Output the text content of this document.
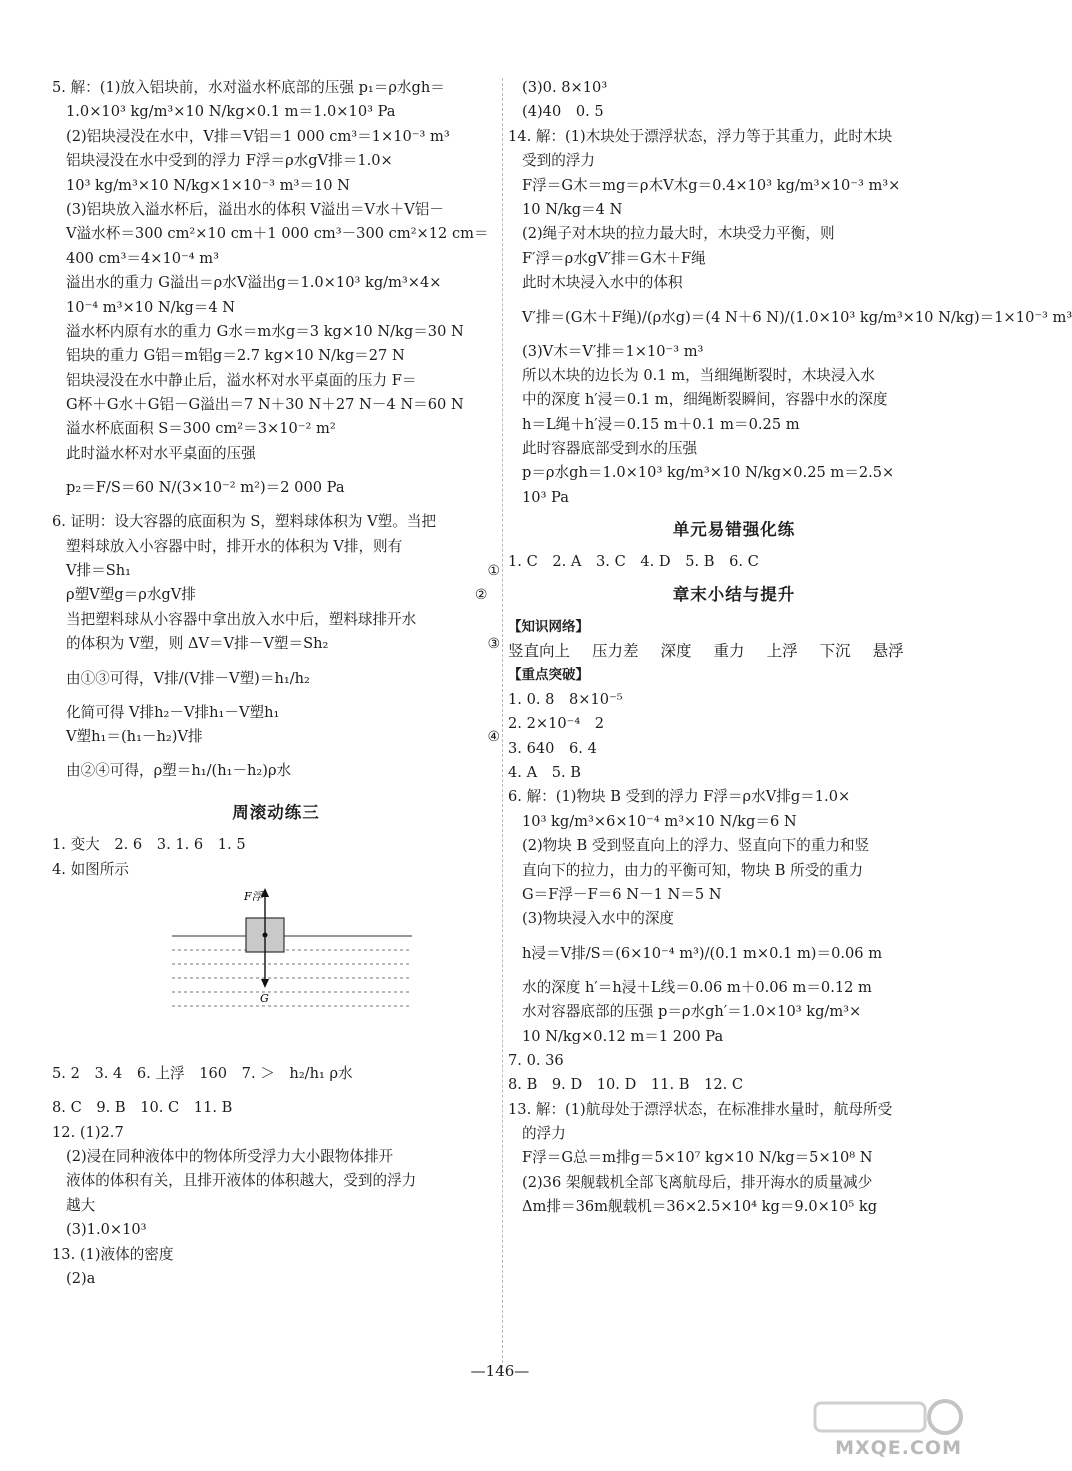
5. 解：(1)放入铝块前，水对溢水杯底部的压强 p₁＝ρ水gh＝
1.0×10³ kg/m³×10 N/kg×0.1 m＝1.0×10³ Pa
(2)铝块浸没在水中，V排＝V铝＝1 000 cm³＝1×10⁻³ m³
铝块浸没在水中受到的浮力 F浮＝ρ水gV排＝1.0×
10³ kg/m³×10 N/kg×1×10⁻³ m³＝10 N
(3)铝块放入溢水杯后，溢出水的体积 V溢出＝V水＋V铝－
V溢水杯＝300 cm²×10 cm＋1 000 cm³－300 cm²×12 cm＝
400 cm³＝4×10⁻⁴ m³
溢出水的重力 G溢出＝ρ水V溢出g＝1.0×10³ kg/m³×4×
10⁻⁴ m³×10 N/kg＝4 N
溢水杯内原有水的重力 G水＝m水g＝3 kg×10 N/kg＝30 N
铝块的重力 G铝＝m铝g＝2.7 kg×10 N/kg＝27 N
铝块浸没在水中静止后，溢水杯对水平桌面的压力 F＝
G杯＋G水＋G铝－G溢出＝7 N＋30 N＋27 N－4 N＝60 N
溢水杯底面积 S＝300 cm²＝3×10⁻² m²
此时溢水杯对水平桌面的压强
p₂＝F/S＝60 N/(3×10⁻² m²)＝2 000 Pa
6. 证明：设大容器的底面积为 S，塑料球体积为 V塑。当把
塑料球放入小容器中时，排开水的体积为 V排，则有
V排＝Sh₁	①
ρ塑V塑g＝ρ水gV排	②
当把塑料球从小容器中拿出放入水中后，塑料球排开水
的体积为 V塑，则 ΔV＝V排－V塑＝Sh₂	③
由①③可得，V排/(V排－V塑)＝h₁/h₂
化简可得 V排h₂－V排h₁－V塑h₁
V塑h₁＝(h₁－h₂)V排	④
由②④可得，ρ塑＝h₁/(h₁－h₂)ρ水
周滚动练三
1. 变大　2. 6　3. 1. 6　1. 5
4. 如图所示
F浮
G
5. 2　3. 4　6. 上浮　160　7. ＞　h₂/h₁ ρ水
8. C　9. B　10. C　11. B
12. (1)2.7
(2)浸在同种液体中的物体所受浮力大小跟物体排开
液体的体积有关，且排开液体的体积越大，受到的浮力
越大
(3)1.0×10³
13. (1)液体的密度
(2)a
(3)0. 8×10³
(4)40　0. 5
14. 解：(1)木块处于漂浮状态，浮力等于其重力，此时木块
受到的浮力
F浮＝G木＝mg＝ρ木V木g＝0.4×10³ kg/m³×10⁻³ m³×
10 N/kg＝4 N
(2)绳子对木块的拉力最大时，木块受力平衡，则
F′浮＝ρ水gV′排＝G木＋F绳
此时木块浸入水中的体积
V′排＝(G木＋F绳)/(ρ水g)＝(4 N＋6 N)/(1.0×10³ kg/m³×10 N/kg)＝1×10⁻³ m³
(3)V木＝V′排＝1×10⁻³ m³
所以木块的边长为 0.1 m，当细绳断裂时，木块浸入水
中的深度 h′浸＝0.1 m，细绳断裂瞬间，容器中水的深度
h＝L绳＋h′浸＝0.15 m＋0.1 m＝0.25 m
此时容器底部受到水的压强
p＝ρ水gh＝1.0×10³ kg/m³×10 N/kg×0.25 m＝2.5×
10³ Pa
单元易错强化练
1. C　2. A　3. C　4. D　5. B　6. C
章末小结与提升
【知识网络】
竖直向上 压力差 深度 重力 上浮 下沉 悬浮
【重点突破】
1. 0. 8　8×10⁻⁵
2. 2×10⁻⁴　2
3. 640　6. 4
4. A　5. B
6. 解：(1)物块 B 受到的浮力 F浮＝ρ水V排g＝1.0×
10³ kg/m³×6×10⁻⁴ m³×10 N/kg＝6 N
(2)物块 B 受到竖直向上的浮力、竖直向下的重力和竖
直向下的拉力，由力的平衡可知，物块 B 所受的重力
G＝F浮－F＝6 N－1 N＝5 N
(3)物块浸入水中的深度
h浸＝V排/S＝(6×10⁻⁴ m³)/(0.1 m×0.1 m)＝0.06 m
水的深度 h′＝h浸＋L线＝0.06 m＋0.06 m＝0.12 m
水对容器底部的压强 p＝ρ水gh′＝1.0×10³ kg/m³×
10 N/kg×0.12 m＝1 200 Pa
7. 0. 36
8. B　9. D　10. D　11. B　12. C
13. 解：(1)航母处于漂浮状态，在标准排水量时，航母所受
的浮力
F浮＝G总＝m排g＝5×10⁷ kg×10 N/kg＝5×10⁸ N
(2)36 架舰载机全部飞离航母后，排开海水的质量减少
Δm排＝36m舰载机＝36×2.5×10⁴ kg＝9.0×10⁵ kg
—146—
MXQE.COM
